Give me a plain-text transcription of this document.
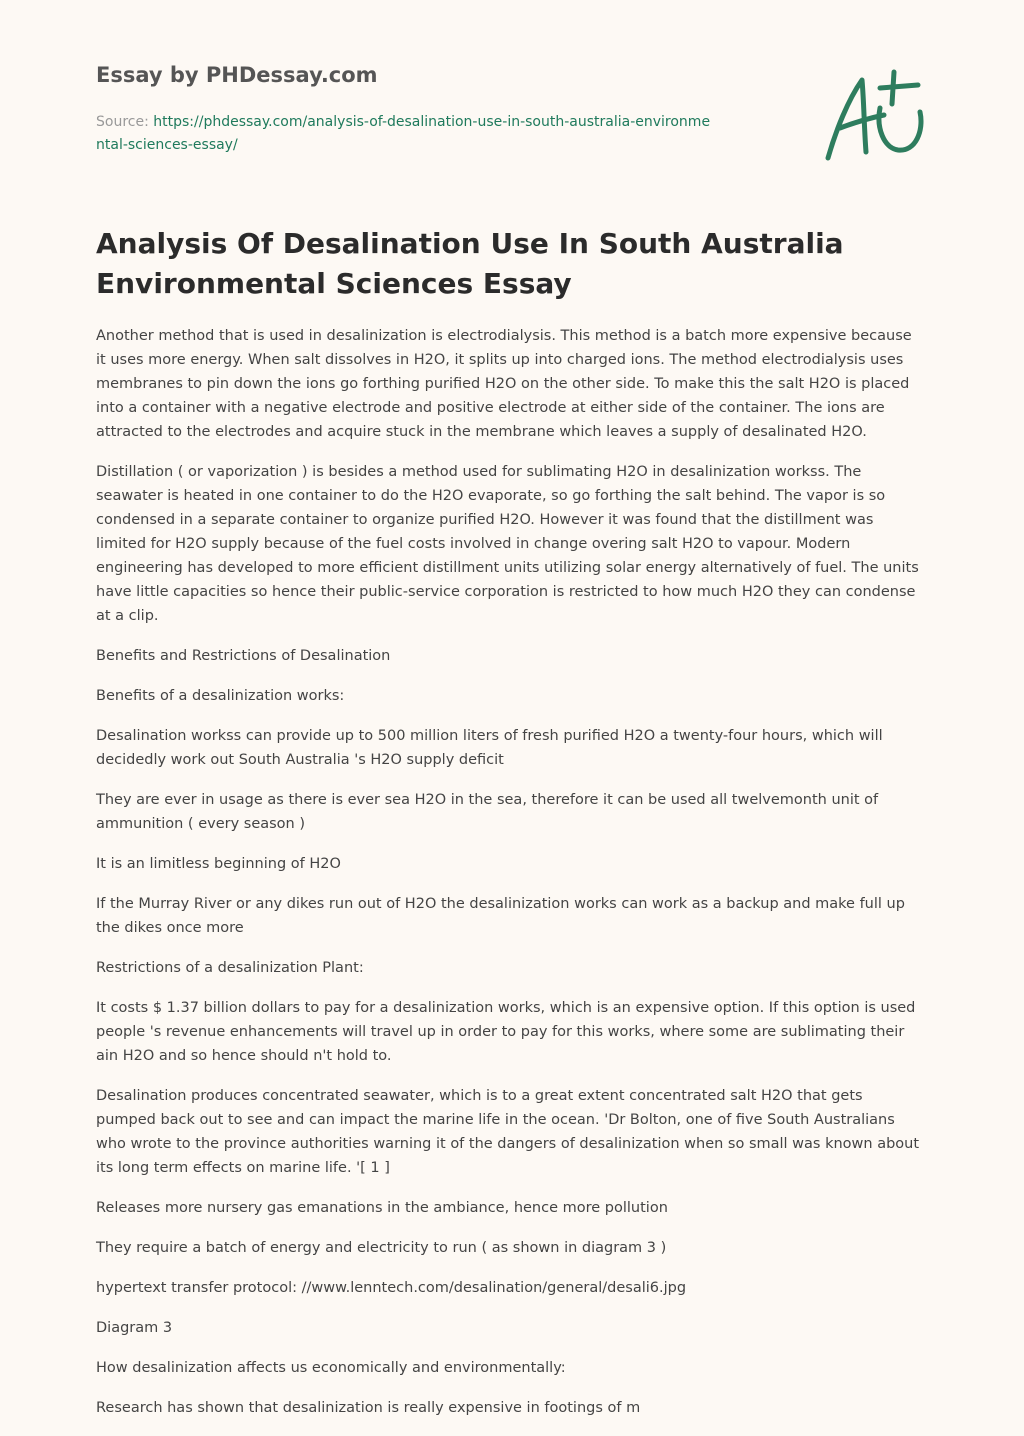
Essay by PHDessay.com

Source: https://phdessay.com/analysis-of-desalination-use-in-south-australia-environmental-sciences-essay/

Analysis Of Desalination Use In South Australia Environmental Sciences Essay

Another method that is used in desalinization is electrodialysis. This method is a batch more expensive because it uses more energy. When salt dissolves in H2O, it splits up into charged ions. The method electrodialysis uses membranes to pin down the ions go forthing purified H2O on the other side. To make this the salt H2O is placed into a container with a negative electrode and positive electrode at either side of the container. The ions are attracted to the electrodes and acquire stuck in the membrane which leaves a supply of desalinated H2O.

Distillation ( or vaporization ) is besides a method used for sublimating H2O in desalinization workss. The seawater is heated in one container to do the H2O evaporate, so go forthing the salt behind. The vapor is so condensed in a separate container to organize purified H2O. However it was found that the distillment was limited for H2O supply because of the fuel costs involved in change overing salt H2O to vapour. Modern engineering has developed to more efficient distillment units utilizing solar energy alternatively of fuel. The units have little capacities so hence their public-service corporation is restricted to how much H2O they can condense at a clip.

Benefits and Restrictions of Desalination

Benefits of a desalinization works:

Desalination workss can provide up to 500 million liters of fresh purified H2O a twenty-four hours, which will decidedly work out South Australia 's H2O supply deficit

They are ever in usage as there is ever sea H2O in the sea, therefore it can be used all twelvemonth unit of ammunition ( every season )

It is an limitless beginning of H2O

If the Murray River or any dikes run out of H2O the desalinization works can work as a backup and make full up the dikes once more

Restrictions of a desalinization Plant:

It costs $ 1.37 billion dollars to pay for a desalinization works, which is an expensive option. If this option is used people 's revenue enhancements will travel up in order to pay for this works, where some are sublimating their ain H2O and so hence should n't hold to.

Desalination produces concentrated seawater, which is to a great extent concentrated salt H2O that gets pumped back out to see and can impact the marine life in the ocean. 'Dr Bolton, one of five South Australians who wrote to the province authorities warning it of the dangers of desalinization when so small was known about its long term effects on marine life. '[ 1 ]

Releases more nursery gas emanations in the ambiance, hence more pollution

They require a batch of energy and electricity to run ( as shown in diagram 3 )

hypertext transfer protocol: //www.lenntech.com/desalination/general/desali6.jpg

Diagram 3

How desalinization affects us economically and environmentally:

Research has shown that desalinization is really expensive in footings of m
